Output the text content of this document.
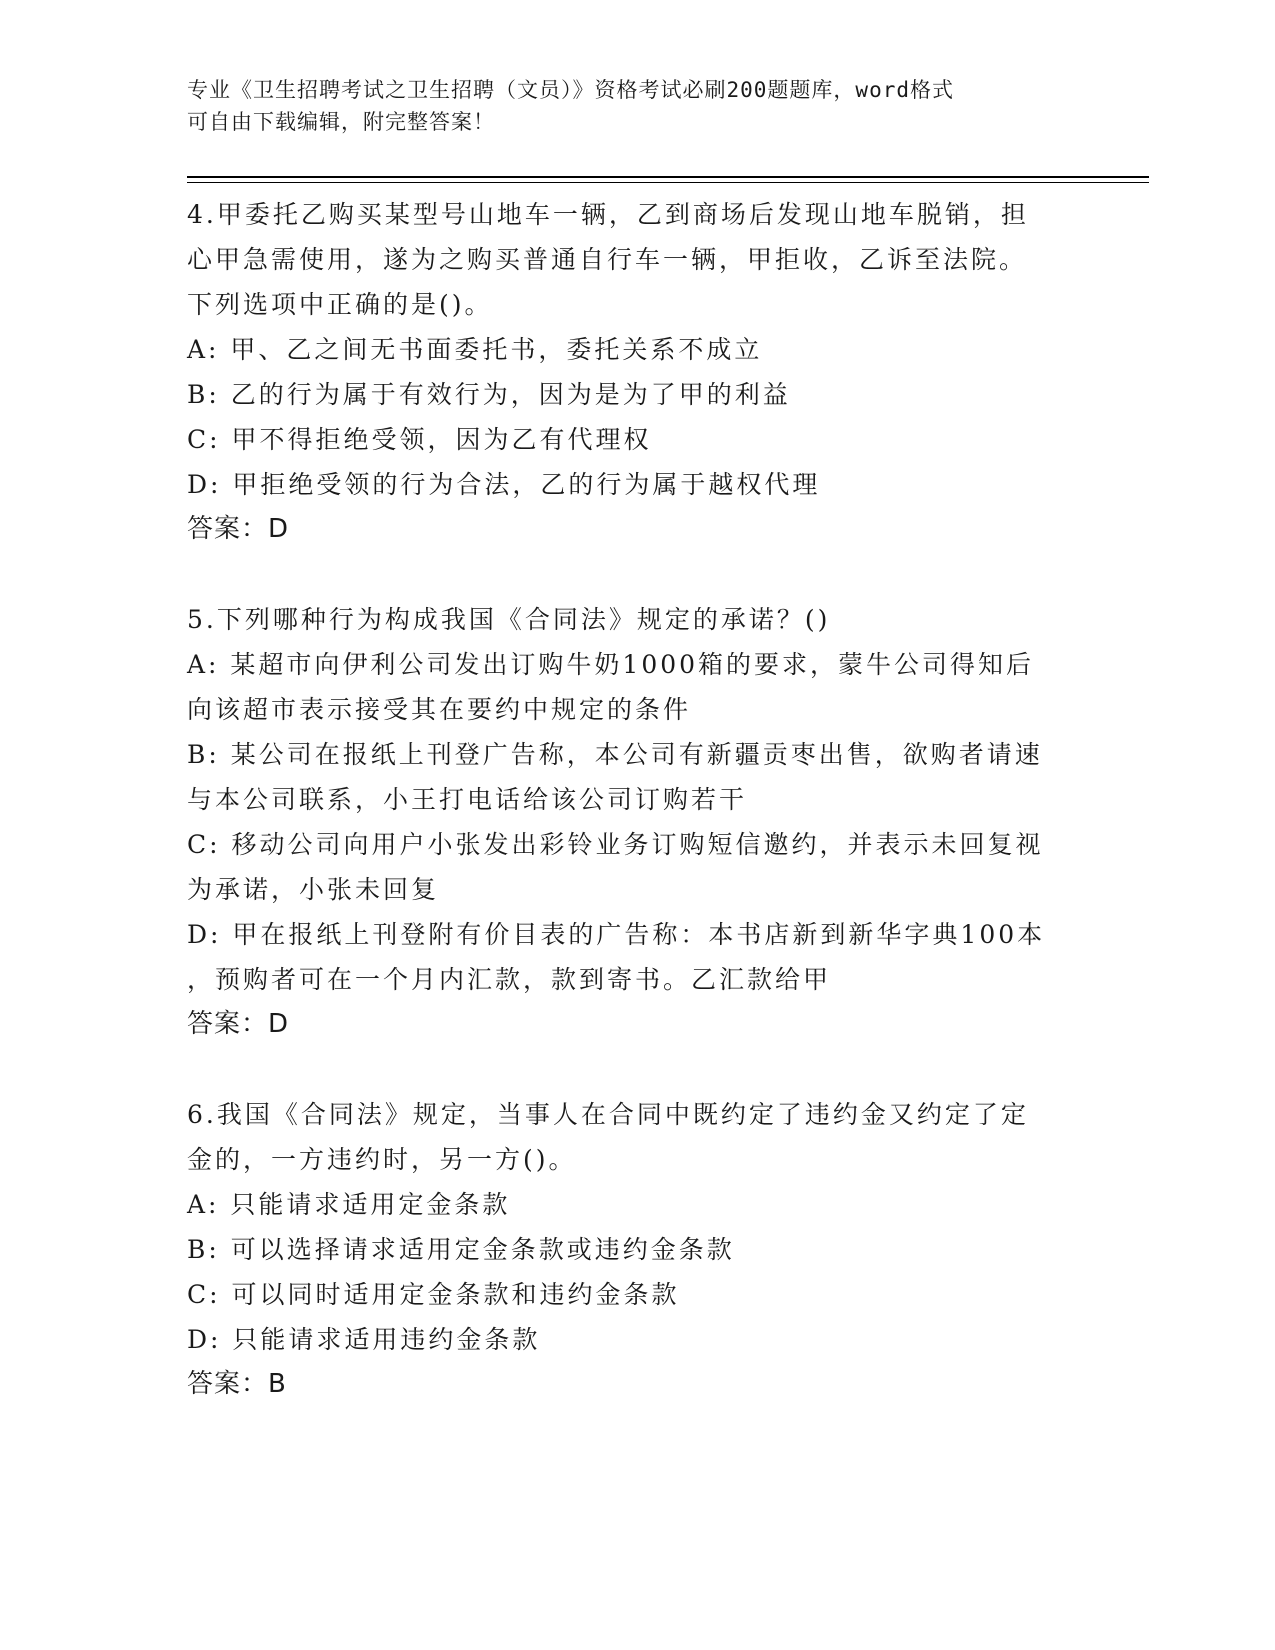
专业《卫生招聘考试之卫生招聘（文员）》资格考试必刷200题题库，word格式
可自由下载编辑，附完整答案！
4.甲委托乙购买某型号山地车一辆，乙到商场后发现山地车脱销，担
心甲急需使用，遂为之购买普通自行车一辆，甲拒收，乙诉至法院。
下列选项中正确的是()。
A: 甲、乙之间无书面委托书，委托关系不成立
B: 乙的行为属于有效行为，因为是为了甲的利益
C: 甲不得拒绝受领，因为乙有代理权
D: 甲拒绝受领的行为合法，乙的行为属于越权代理
答案：D
5.下列哪种行为构成我国《合同法》规定的承诺？()
A: 某超市向伊利公司发出订购牛奶1000箱的要求，蒙牛公司得知后
向该超市表示接受其在要约中规定的条件
B: 某公司在报纸上刊登广告称，本公司有新疆贡枣出售，欲购者请速
与本公司联系，小王打电话给该公司订购若干
C: 移动公司向用户小张发出彩铃业务订购短信邀约，并表示未回复视
为承诺，小张未回复
D: 甲在报纸上刊登附有价目表的广告称：本书店新到新华字典100本
，预购者可在一个月内汇款，款到寄书。乙汇款给甲
答案：D
6.我国《合同法》规定，当事人在合同中既约定了违约金又约定了定
金的，一方违约时，另一方()。
A: 只能请求适用定金条款
B: 可以选择请求适用定金条款或违约金条款
C: 可以同时适用定金条款和违约金条款
D: 只能请求适用违约金条款
答案：B
